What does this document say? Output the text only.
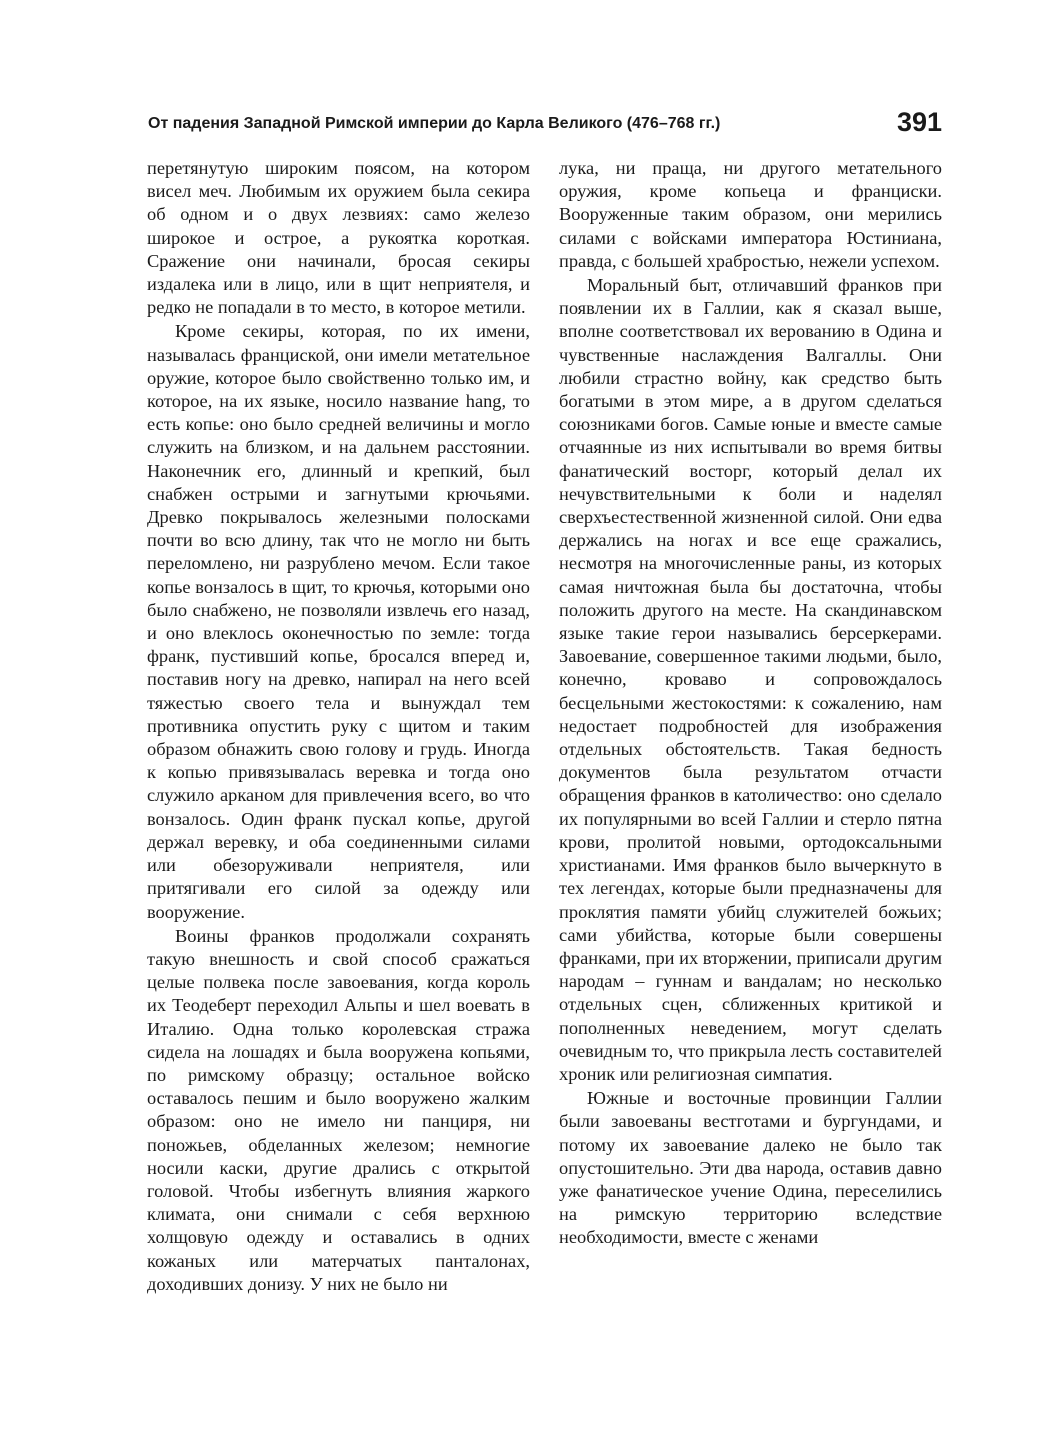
От падения Западной Римской империи до Карла Великого (476–768 гг.)	391

перетянутую широким поясом, на котором висел меч. Любимым их оружием была секира об одном и о двух лезвиях: само железо широкое и острое, а рукоятка короткая. Сражение они начинали, бросая секиры издалека или в лицо, или в щит неприятеля, и редко не попадали в то место, в которое метили.

Кроме секиры, которая, по их имени, называлась франциской, они имели метательное оружие, которое было свойственно только им, и которое, на их языке, носило название hang, то есть копье: оно было средней величины и могло служить на близком, и на дальнем расстоянии. Наконечник его, длинный и крепкий, был снабжен острыми и загнутыми крючьями. Древко покрывалось железными полосками почти во всю длину, так что не могло ни быть переломлено, ни разрублено мечом. Если такое копье вонзалось в щит, то крючья, которыми оно было снабжено, не позволяли извлечь его назад, и оно влеклось оконечностью по земле: тогда франк, пустивший копье, бросался вперед и, поставив ногу на древко, напирал на него всей тяжестью своего тела и вынуждал тем противника опустить руку с щитом и таким образом обнажить свою голову и грудь. Иногда к копью привязывалась веревка и тогда оно служило арканом для привлечения всего, во что вонзалось. Один франк пускал копье, другой держал веревку, и оба соединенными силами или обезоруживали неприятеля, или притягивали его силой за одежду или вооружение.

Воины франков продолжали сохранять такую внешность и свой способ сражаться целые полвека после завоевания, когда король их Теодеберт переходил Альпы и шел воевать в Италию. Одна только королевская стража сидела на лошадях и была вооружена копьями, по римскому образцу; остальное войско оставалось пешим и было вооружено жалким образом: оно не имело ни панциря, ни поножьев, обделанных железом; немногие носили каски, другие дрались с открытой головой. Чтобы избегнуть влияния жаркого климата, они снимали с себя верхнюю холщовую одежду и оставались в одних кожаных или матерчатых панталонах, доходивших донизу. У них не было ни

лука, ни праща, ни другого метательного оружия, кроме копьеца и франциски. Вооруженные таким образом, они мерились силами с войсками императора Юстиниана, правда, с большей храбростью, нежели успехом.

Моральный быт, отличавший франков при появлении их в Галлии, как я сказал выше, вполне соответствовал их верованию в Одина и чувственные наслаждения Валгаллы. Они любили страстно войну, как средство быть богатыми в этом мире, а в другом сделаться союзниками богов. Самые юные и вместе самые отчаянные из них испытывали во время битвы фанатический восторг, который делал их нечувствительными к боли и наделял сверхъестественной жизненной силой. Они едва держались на ногах и все еще сражались, несмотря на многочисленные раны, из которых самая ничтожная была бы достаточна, чтобы положить другого на месте. На скандинавском языке такие герои назывались берсеркерами. Завоевание, совершенное такими людьми, было, конечно, кроваво и сопровождалось бесцельными жестокостями: к сожалению, нам недостает подробностей для изображения отдельных обстоятельств. Такая бедность документов была результатом отчасти обращения франков в католичество: оно сделало их популярными во всей Галлии и стерло пятна крови, пролитой новыми, ортодоксальными христианами. Имя франков было вычеркнуто в тех легендах, которые были предназначены для проклятия памяти убийц служителей божьих; сами убийства, которые были совершены франками, при их вторжении, приписали другим народам – гуннам и вандалам; но несколько отдельных сцен, сближенных критикой и пополненных неведением, могут сделать очевидным то, что прикрыла лесть составителей хроник или религиозная симпатия.

Южные и восточные провинции Галлии были завоеваны вестготами и бургундами, и потому их завоевание далеко не было так опустошительно. Эти два народа, оставив давно уже фанатическое учение Одина, переселились на римскую территорию вследствие необходимости, вместе с женами
